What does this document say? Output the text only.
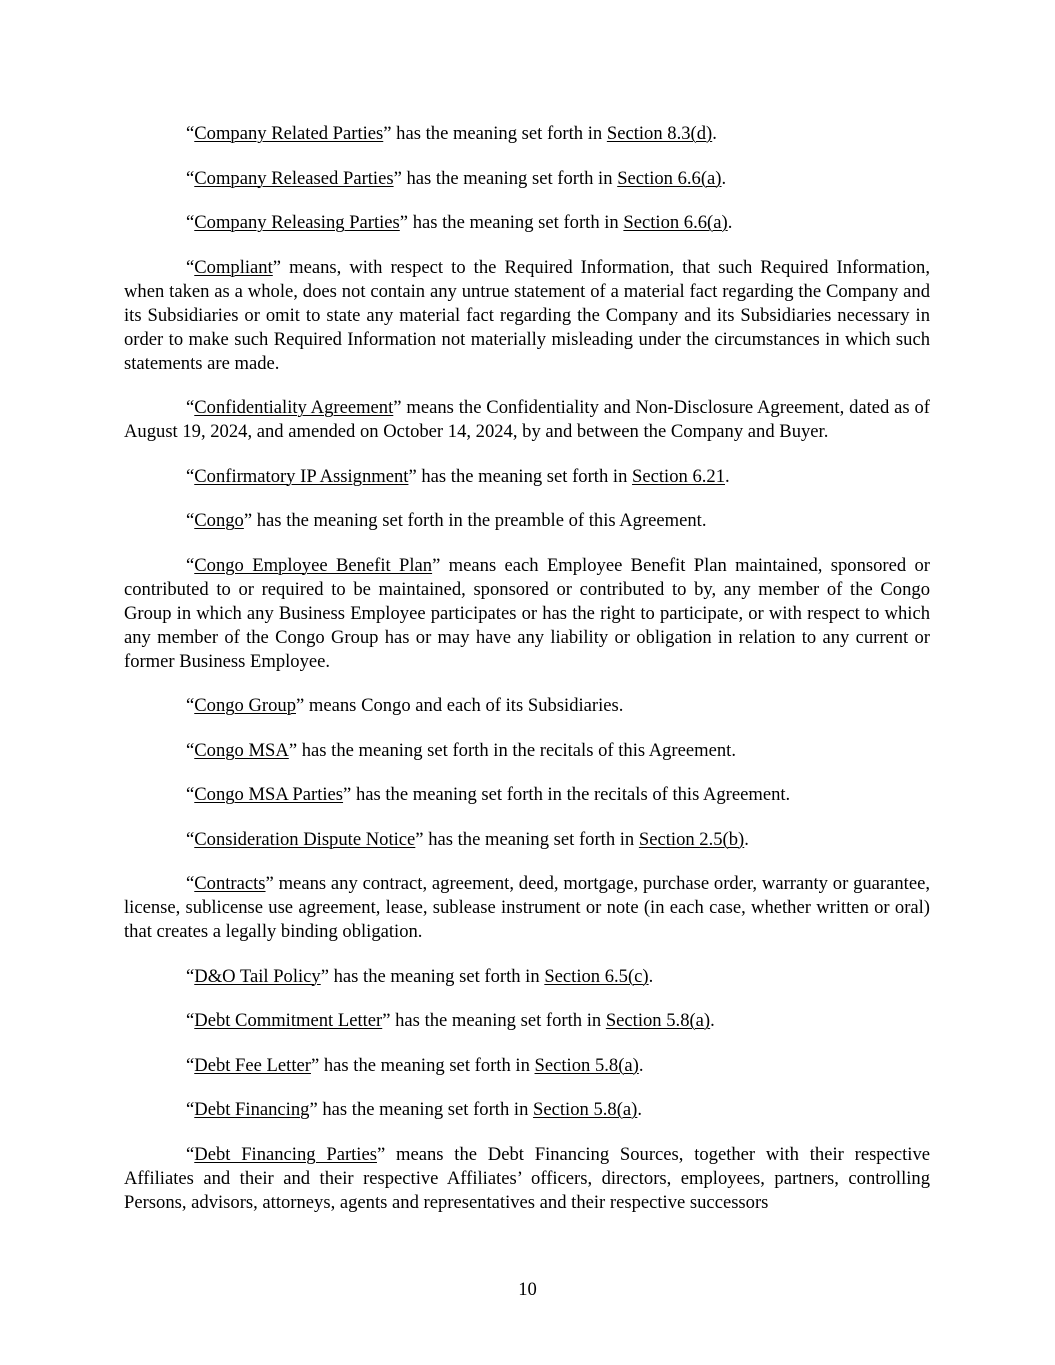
“Company Related Parties” has the meaning set forth in Section 8.3(d).

“Company Released Parties” has the meaning set forth in Section 6.6(a).

“Company Releasing Parties” has the meaning set forth in Section 6.6(a).

“Compliant” means, with respect to the Required Information, that such Required Information, when taken as a whole, does not contain any untrue statement of a material fact regarding the Company and its Subsidiaries or omit to state any material fact regarding the Company and its Subsidiaries necessary in order to make such Required Information not materially misleading under the circumstances in which such statements are made.

“Confidentiality Agreement” means the Confidentiality and Non-Disclosure Agreement, dated as of August 19, 2024, and amended on October 14, 2024, by and between the Company and Buyer.

“Confirmatory IP Assignment” has the meaning set forth in Section 6.21.

“Congo” has the meaning set forth in the preamble of this Agreement.

“Congo Employee Benefit Plan” means each Employee Benefit Plan maintained, sponsored or contributed to or required to be maintained, sponsored or contributed to by, any member of the Congo Group in which any Business Employee participates or has the right to participate, or with respect to which any member of the Congo Group has or may have any liability or obligation in relation to any current or former Business Employee.

“Congo Group” means Congo and each of its Subsidiaries.

“Congo MSA” has the meaning set forth in the recitals of this Agreement.

“Congo MSA Parties” has the meaning set forth in the recitals of this Agreement.

“Consideration Dispute Notice” has the meaning set forth in Section 2.5(b).

“Contracts” means any contract, agreement, deed, mortgage, purchase order, warranty or guarantee, license, sublicense use agreement, lease, sublease instrument or note (in each case, whether written or oral) that creates a legally binding obligation.

“D&O Tail Policy” has the meaning set forth in Section 6.5(c).

“Debt Commitment Letter” has the meaning set forth in Section 5.8(a).

“Debt Fee Letter” has the meaning set forth in Section 5.8(a).

“Debt Financing” has the meaning set forth in Section 5.8(a).

“Debt Financing Parties” means the Debt Financing Sources, together with their respective Affiliates and their and their respective Affiliates’ officers, directors, employees, partners, controlling Persons, advisors, attorneys, agents and representatives and their respective successors

10
